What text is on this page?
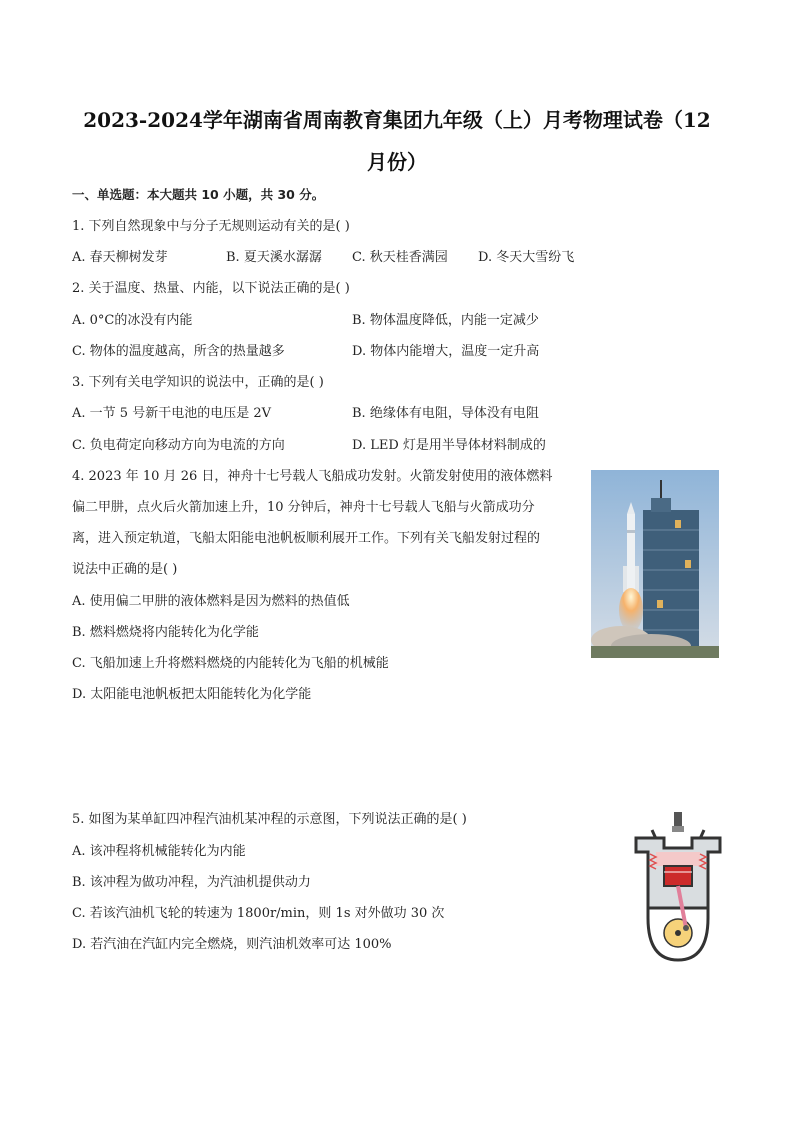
2023-2024学年湖南省周南教育集团九年级（上）月考物理试卷（12
月份）
一、单选题：本大题共 10 小题，共 30 分。
1. 下列自然现象中与分子无规则运动有关的是( )
A. 春天柳树发芽	B. 夏天溪水潺潺 C. 秋天桂香满园 D. 冬天大雪纷飞
2. 关于温度、热量、内能，以下说法正确的是( )
A. 0°C的冰没有内能	B. 物体温度降低，内能一定减少
C. 物体的温度越高，所含的热量越多	D. 物体内能增大，温度一定升高
3. 下列有关电学知识的说法中，正确的是( )
A. 一节 5 号新干电池的电压是 2V	B. 绝缘体有电阻，导体没有电阻
C. 负电荷定向移动方向为电流的方向	D. LED 灯是用半导体材料制成的
4. 2023 年 10 月 26 日，神舟十七号载人飞船成功发射。火箭发射使用的液体燃料
偏二甲肼，点火后火箭加速上升，10 分钟后，神舟十七号载人飞船与火箭成功分
离，进入预定轨道，飞船太阳能电池帆板顺利展开工作。下列有关飞船发射过程的
说法中正确的是( )
A. 使用偏二甲肼的液体燃料是因为燃料的热值低
B. 燃料燃烧将内能转化为化学能
C. 飞船加速上升将燃料燃烧的内能转化为飞船的机械能
D. 太阳能电池帆板把太阳能转化为化学能
5. 如图为某单缸四冲程汽油机某冲程的示意图，下列说法正确的是( )
A. 该冲程将机械能转化为内能
B. 该冲程为做功冲程，为汽油机提供动力
C. 若该汽油机飞轮的转速为 1800r/min，则 1s 对外做功 30 次
D. 若汽油在汽缸内完全燃烧，则汽油机效率可达 100%
